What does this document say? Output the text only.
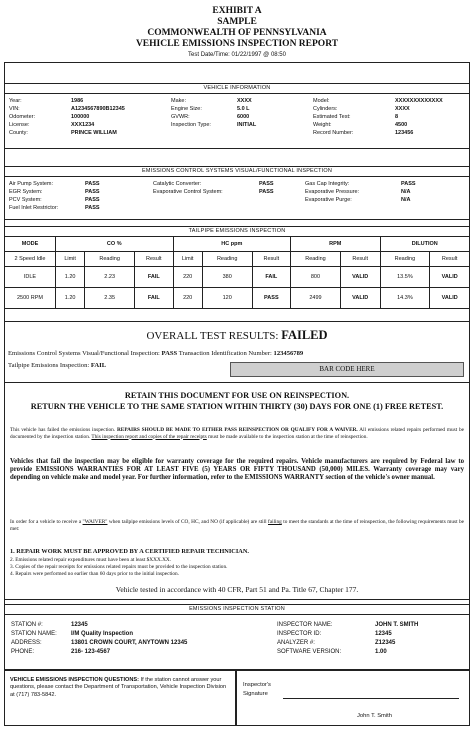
EXHIBIT A
SAMPLE
COMMONWEALTH OF PENNSYLVANIA
VEHICLE EMISSIONS INSPECTION REPORT
Test Date/Time: 01/22/1997 @ 08:50
VEHICLE INFORMATION
Year:	1986
VIN:	A1234567890B12345
Odometer:	100000
License:	XXX1234
County:	PRINCE WILLIAM
Make:	XXXX
Engine Size:	5.0 L
GVWR:	6000
Inspection Type:	INITIAL
Model:	XXXXXXXXXXXXX
Cylinders:	XXXX
Estimated Test:	8
Weight:	4500
Record Number:	123456
EMISSIONS CONTROL SYSTEMS VISUAL/FUNCTIONAL INSPECTION
Air Pump System:	PASS
EGR System:	PASS
PCV System:	PASS
Fuel Inlet Restrictor:	PASS
Catalytic Converter:	PASS
Evaporative Control System:	PASS
Gas Cap Integrity:	PASS
Evaporative Pressure:	N/A
Evaporative Purge:	N/A
TAILPIPE EMISSIONS INSPECTION
MODE	CO %			HC ppm			RPM		DILUTION	
2 Speed Idle	Limit	Reading	Result	Limit	Reading	Result	Reading	Result	Reading	Result
IDLE	1.20	2.23	FAIL	220	380	FAIL	800	VALID	13.5%	VALID
2500 RPM	1.20	2.35	FAIL	220	120	PASS	2499	VALID	14.3%	VALID
OVERALL TEST RESULTS: FAILED
Emissions Control Systems Visual/Functional Inspection: PASS Transaction Identification Number: 123456789
Tailpipe Emissions Inspection: FAIL	BAR CODE HERE
RETAIN THIS DOCUMENT FOR USE ON REINSPECTION.
RETURN THE VEHICLE TO THE SAME STATION WITHIN THIRTY (30) DAYS FOR ONE (1) FREE RETEST.
This vehicle has failed the emissions inspection. REPAIRS SHOULD BE MADE TO EITHER PASS REINSPECTION OR QUALIFY FOR A WAIVER. All emissions related repairs performed must be documented by the inspection station. This inspection report and copies of the repair receipts must be made available to the inspection station at the time of reinspection.
Vehicles that fail the inspection may be eligible for warranty coverage for the required repairs. Vehicle manufacturers are required by Federal law to provide EMISSIONS WARRANTIES FOR AT LEAST FIVE (5) YEARS OR FIFTY THOUSAND (50,000) MILES. Warranty coverage may vary depending on vehicle make and model year. For further information, refer to the EMISSIONS WARRANTY section of the vehicle's owner manual.
In order for a vehicle to receive a "WAIVER" when tailpipe emissions levels of CO, HC, and NO (if applicable) are still failing to meet the standards at the time of reinspection, the following requirements must be met:
1. REPAIR WORK MUST BE APPROVED BY A CERTIFIED REPAIR TECHNICIAN.
2. Emissions related repair expenditures must have been at least $XXX.XX.
3. Copies of the repair receipts for emissions related repairs must be provided to the inspection station.
4. Repairs were performed no earlier than 60 days prior to the initial inspection.
Vehicle tested in accordance with 40 CFR, Part 51 and Pa. Title 67, Chapter 177.
EMISSIONS INSPECTION STATION
STATION #:	12345
STATION NAME: I/M Quality Inspection
ADDRESS:	13801 CROWN COURT, ANYTOWN 12345
PHONE:	216- 123-4567
INSPECTOR NAME:	JOHN T. SMITH
INSPECTOR ID:	12345
ANALYZER #:	Z12345
SOFTWARE VERSION:	1.00
VEHICLE EMISSIONS INSPECTION QUESTIONS: If the station cannot answer your questions, please contact the Department of Transportation, Vehicle Inspection Division at (717) 783-5842.
Inspector's Signature
John T. Smith
